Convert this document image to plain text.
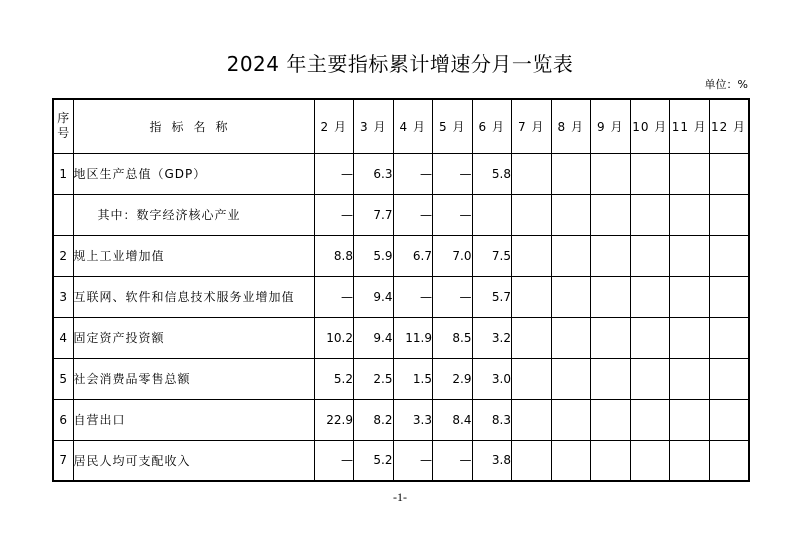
2024 年主要指标累计增速分月一览表
单位：%
序号	指标名称	2 月	3 月	4 月	5 月	6 月	7 月	8 月	9 月	10 月	11 月	12 月
1	地区生产总值（GDP）	—	6.3	—	—	5.8						
	其中：数字经济核心产业	—	7.7	—	—							
2	规上工业增加值	8.8	5.9	6.7	7.0	7.5						
3	互联网、软件和信息技术服务业增加值	—	9.4	—	—	5.7						
4	固定资产投资额	10.2	9.4	11.9	8.5	3.2						
5	社会消费品零售总额	5.2	2.5	1.5	2.9	3.0						
6	自营出口	22.9	8.2	3.3	8.4	8.3						
7	居民人均可支配收入	—	5.2	—	—	3.8						
-1-
